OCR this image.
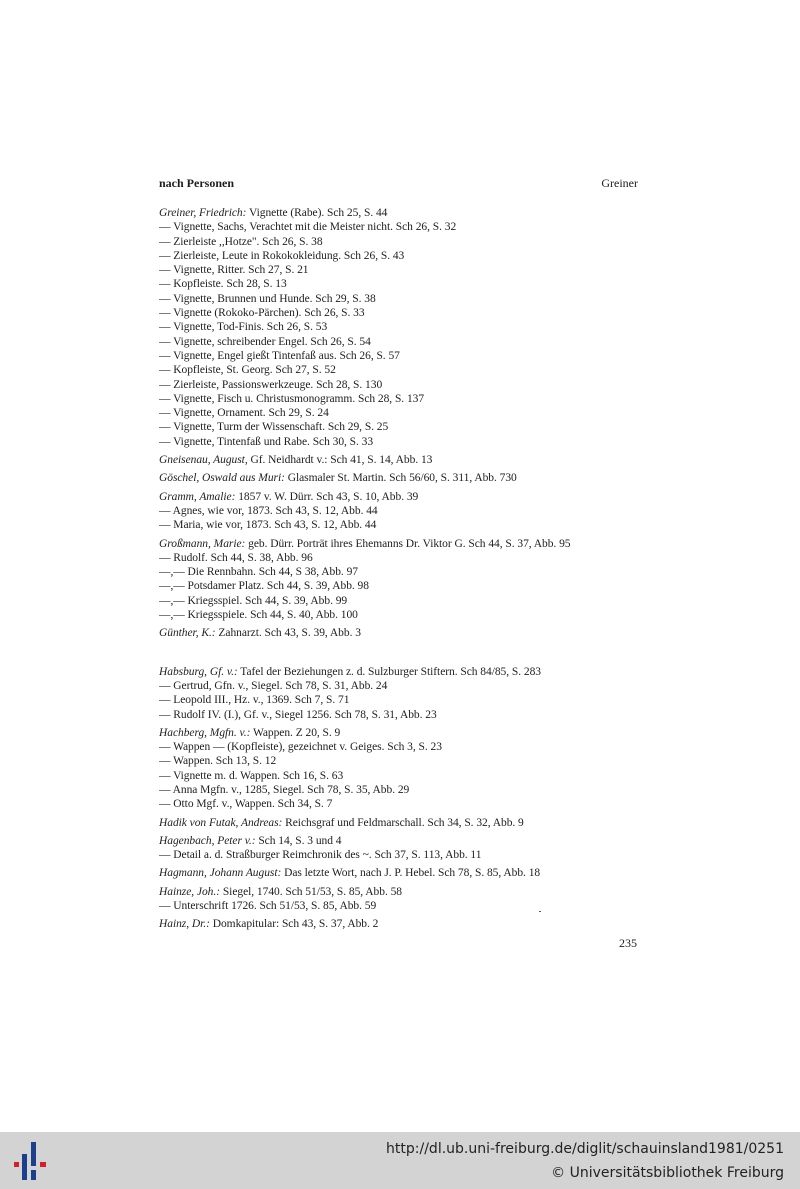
nach Personen	Greiner
Greiner, Friedrich: Vignette (Rabe). Sch 25, S. 44
— Vignette, Sachs, Verachtet mit die Meister nicht. Sch 26, S. 32
— Zierleiste ,,Hotze". Sch 26, S. 38
— Zierleiste, Leute in Rokokokleidung. Sch 26, S. 43
— Vignette, Ritter. Sch 27, S. 21
— Kopfleiste. Sch 28, S. 13
— Vignette, Brunnen und Hunde. Sch 29, S. 38
— Vignette (Rokoko-Pärchen). Sch 26, S. 33
— Vignette, Tod-Finis. Sch 26, S. 53
— Vignette, schreibender Engel. Sch 26, S. 54
— Vignette, Engel gießt Tintenfaß aus. Sch 26, S. 57
— Kopfleiste, St. Georg. Sch 27, S. 52
— Zierleiste, Passionswerkzeuge. Sch 28, S. 130
— Vignette, Fisch u. Christusmonogramm. Sch 28, S. 137
— Vignette, Ornament. Sch 29, S. 24
— Vignette, Turm der Wissenschaft. Sch 29, S. 25
— Vignette, Tintenfaß und Rabe. Sch 30, S. 33
Gneisenau, August, Gf. Neidhardt v.: Sch 41, S. 14, Abb. 13
Göschel, Oswald aus Muri: Glasmaler St. Martin. Sch 56/60, S. 311, Abb. 730
Gramm, Amalie: 1857 v. W. Dürr. Sch 43, S. 10, Abb. 39
— Agnes, wie vor, 1873. Sch 43, S. 12, Abb. 44
— Maria, wie vor, 1873. Sch 43, S. 12, Abb. 44
Großmann, Marie: geb. Dürr. Porträt ihres Ehemanns Dr. Viktor G. Sch 44, S. 37, Abb. 95
— Rudolf. Sch 44, S. 38, Abb. 96
—,— Die Rennbahn. Sch 44, S 38, Abb. 97
—,— Potsdamer Platz. Sch 44, S. 39, Abb. 98
—,— Kriegsspiel. Sch 44, S. 39, Abb. 99
—,— Kriegsspiele. Sch 44, S. 40, Abb. 100
Günther, K.: Zahnarzt. Sch 43, S. 39, Abb. 3
Habsburg, Gf. v.: Tafel der Beziehungen z. d. Sulzburger Stiftern. Sch 84/85, S. 283
— Gertrud, Gfn. v., Siegel. Sch 78, S. 31, Abb. 24
— Leopold III., Hz. v., 1369. Sch 7, S. 71
— Rudolf IV. (I.), Gf. v., Siegel 1256. Sch 78, S. 31, Abb. 23
Hachberg, Mgfn. v.: Wappen. Z 20, S. 9
— Wappen — (Kopfleiste), gezeichnet v. Geiges. Sch 3, S. 23
— Wappen. Sch 13, S. 12
— Vignette m. d. Wappen. Sch 16, S. 63
— Anna Mgfn. v., 1285, Siegel. Sch 78, S. 35, Abb. 29
— Otto Mgf. v., Wappen. Sch 34, S. 7
Hadik von Futak, Andreas: Reichsgraf und Feldmarschall. Sch 34, S. 32, Abb. 9
Hagenbach, Peter v.: Sch 14, S. 3 und 4
— Detail a. d. Straßburger Reimchronik des ~. Sch 37, S. 113, Abb. 11
Hagmann, Johann August: Das letzte Wort, nach J. P. Hebel. Sch 78, S. 85, Abb. 18
Hainze, Joh.: Siegel, 1740. Sch 51/53, S. 85, Abb. 58
— Unterschrift 1726. Sch 51/53, S. 85, Abb. 59
Hainz, Dr.: Domkapitular: Sch 43, S. 37, Abb. 2
235
http://dl.ub.uni-freiburg.de/diglit/schauinsland1981/0251
© Universitätsbibliothek Freiburg
